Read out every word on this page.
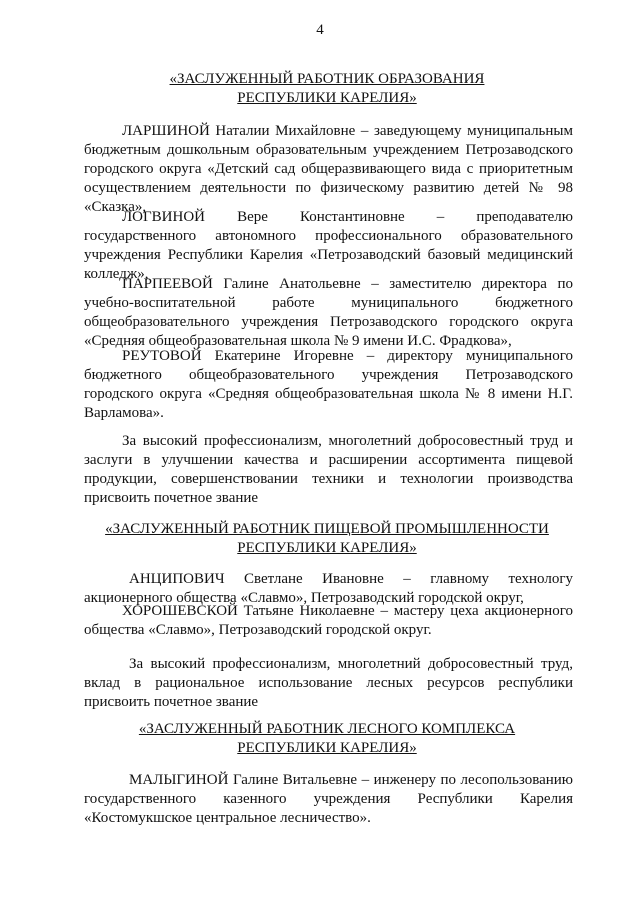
4
«ЗАСЛУЖЕННЫЙ РАБОТНИК ОБРАЗОВАНИЯ
РЕСПУБЛИКИ КАРЕЛИЯ»
ЛАРШИНОЙ Наталии Михайловне – заведующему муниципальным бюджетным дошкольным образовательным учреждением Петрозаводского городского округа «Детский сад общеразвивающего вида с приоритетным осуществлением деятельности по физическому развитию детей № 98 «Сказка»,
ЛОГВИНОЙ Вере Константиновне – преподавателю государственного автономного профессионального образовательного учреждения Республики Карелия «Петрозаводский базовый медицинский колледж»,
ПАРПЕЕВОЙ Галине Анатольевне – заместителю директора по учебно-воспитательной работе муниципального бюджетного общеобразовательного учреждения Петрозаводского городского округа «Средняя общеобразовательная школа № 9 имени И.С. Фрадкова»,
РЕУТОВОЙ Екатерине Игоревне – директору муниципального бюджетного общеобразовательного учреждения Петрозаводского городского округа «Средняя общеобразовательная школа № 8 имени Н.Г. Варламова».
За высокий профессионализм, многолетний добросовестный труд и заслуги в улучшении качества и расширении ассортимента пищевой продукции, совершенствовании техники и технологии производства присвоить почетное звание
«ЗАСЛУЖЕННЫЙ РАБОТНИК ПИЩЕВОЙ ПРОМЫШЛЕННОСТИ
РЕСПУБЛИКИ КАРЕЛИЯ»
АНЦИПОВИЧ Светлане Ивановне – главному технологу акционерного общества «Славмо», Петрозаводский городской округ,
ХОРОШЕВСКОЙ Татьяне Николаевне – мастеру цеха акционерного общества «Славмо», Петрозаводский городской округ.
За высокий профессионализм, многолетний добросовестный труд, вклад в рациональное использование лесных ресурсов республики присвоить почетное звание
«ЗАСЛУЖЕННЫЙ РАБОТНИК ЛЕСНОГО КОМПЛЕКСА
РЕСПУБЛИКИ КАРЕЛИЯ»
МАЛЫГИНОЙ Галине Витальевне – инженеру по лесопользованию государственного казенного учреждения Республики Карелия «Костомукшское центральное лесничество».
